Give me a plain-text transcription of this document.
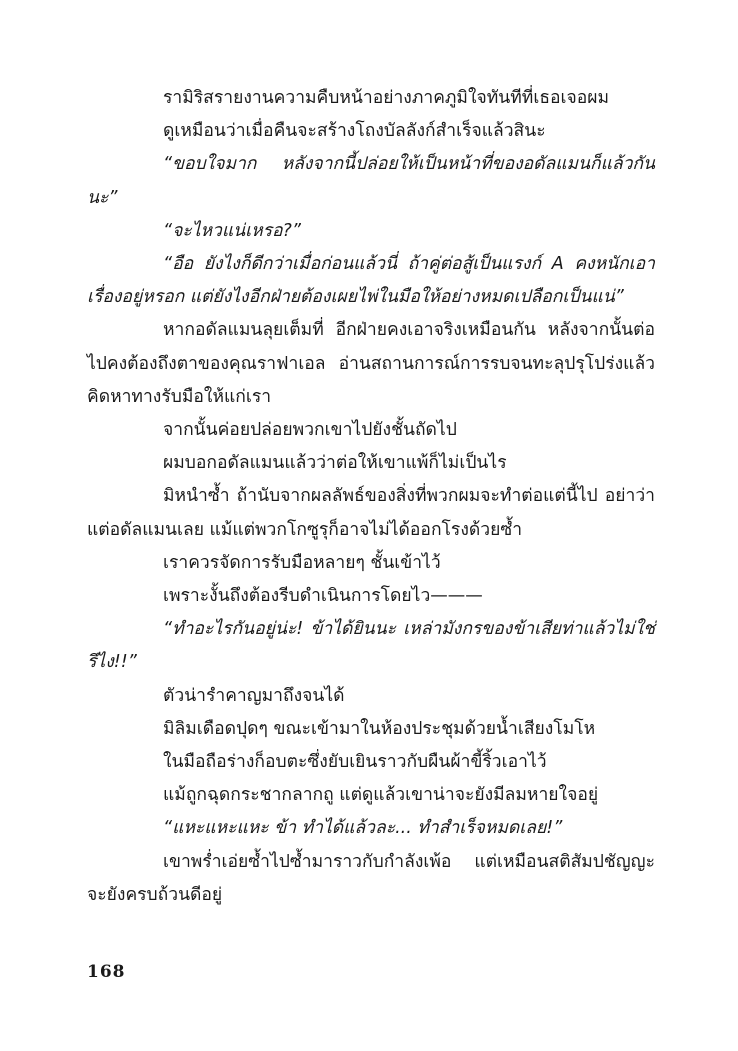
รามิริสรายงานความคืบหน้าอย่างภาคภูมิใจทันทีที่เธอเจอผม

ดูเหมือนว่าเมื่อคืนจะสร้างโถงบัลลังก์สำเร็จแล้วสินะ

“ขอบใจมาก หลังจากนี้ปล่อยให้เป็นหน้าที่ของอดัลแมนก็แล้วกันนะ”

“จะไหวแน่เหรอ?”

“อือ ยังไงก็ดีกว่าเมื่อก่อนแล้วนี่ ถ้าคู่ต่อสู้เป็นแรงก์ A คงหนักเอาเรื่องอยู่หรอก แต่ยังไงอีกฝ่ายต้องเผยไพ่ในมือให้อย่างหมดเปลือกเป็นแน่”

หากอดัลแมนลุยเต็มที่ อีกฝ่ายคงเอาจริงเหมือนกัน หลังจากนั้นต่อไปคงต้องถึงตาของคุณราฟาเอล อ่านสถานการณ์การรบจนทะลุปรุโปร่งแล้วคิดหาทางรับมือให้แก่เรา

จากนั้นค่อยปล่อยพวกเขาไปยังชั้นถัดไป

ผมบอกอดัลแมนแล้วว่าต่อให้เขาแพ้ก็ไม่เป็นไร

มิหนำซ้ำ ถ้านับจากผลลัพธ์ของสิ่งที่พวกผมจะทำต่อแต่นี้ไป อย่าว่าแต่อดัลแมนเลย แม้แต่พวกโกซูรุก็อาจไม่ได้ออกโรงด้วยซ้ำ

เราควรจัดการรับมือหลายๆ ชั้นเข้าไว้

เพราะงั้นถึงต้องรีบดำเนินการโดยไว———

“ทำอะไรกันอยู่น่ะ! ข้าได้ยินนะ เหล่ามังกรของข้าเสียท่าแล้วไม่ใช่รึไง!!”

ตัวน่ารำคาญมาถึงจนได้

มิลิมเดือดปุดๆ ขณะเข้ามาในห้องประชุมด้วยน้ำเสียงโมโห

ในมือถือร่างก็อบตะซึ่งยับเยินราวกับผืนผ้าขี้ริ้วเอาไว้

แม้ถูกฉุดกระชากลากถู แต่ดูแล้วเขาน่าจะยังมีลมหายใจอยู่

“แหะแหะแหะ ข้า ทำได้แล้วละ... ทำสำเร็จหมดเลย!”

เขาพร่ำเอ่ยซ้ำไปซ้ำมาราวกับกำลังเพ้อ แต่เหมือนสติสัมปชัญญะจะยังครบถ้วนดีอยู่

168
